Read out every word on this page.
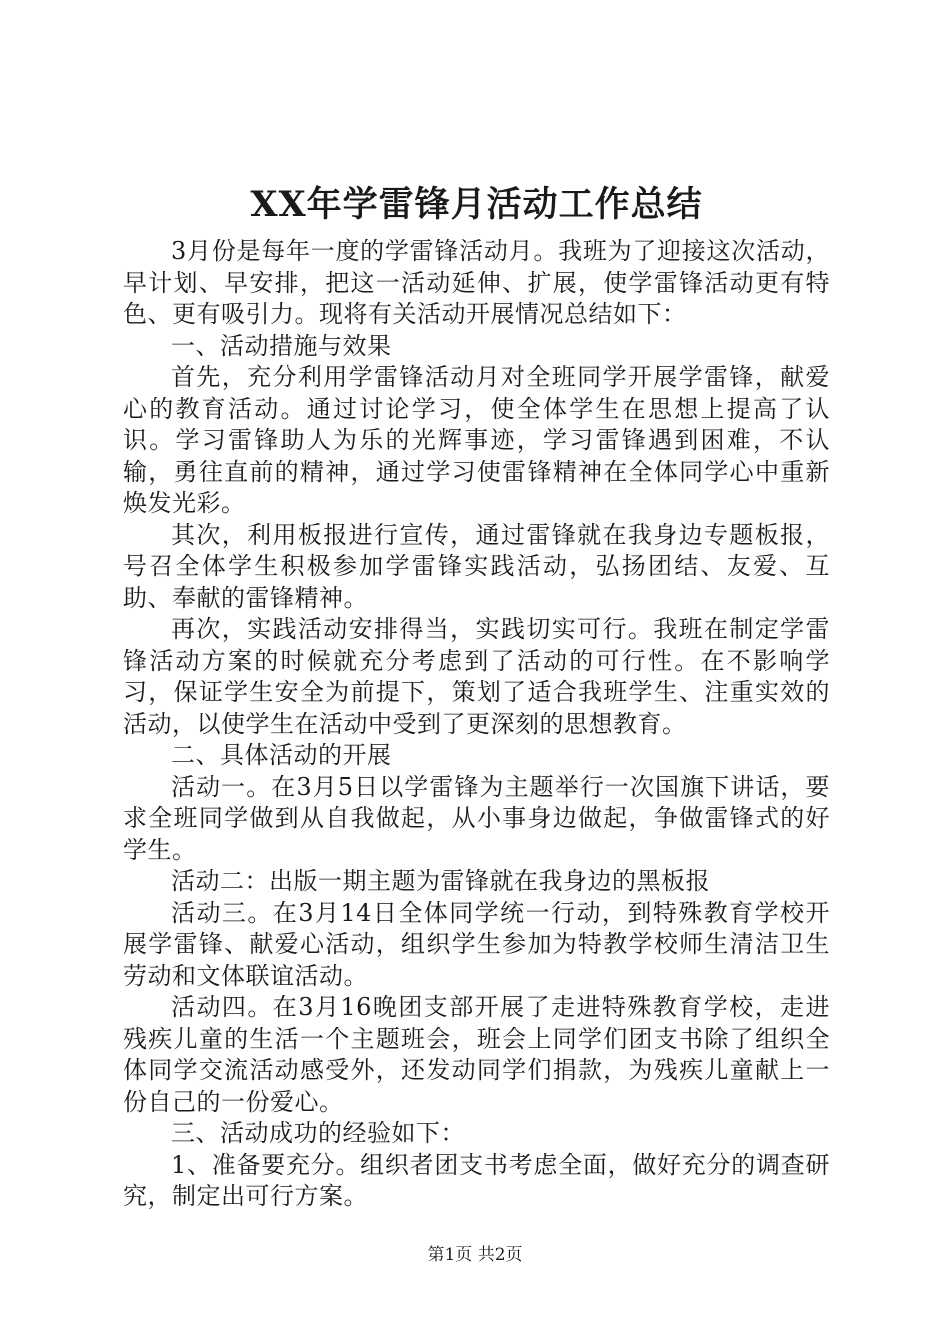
XX年学雷锋月活动工作总结

3月份是每年一度的学雷锋活动月。我班为了迎接这次活动，早计划、早安排，把这一活动延伸、扩展，使学雷锋活动更有特色、更有吸引力。现将有关活动开展情况总结如下：

一、活动措施与效果

首先，充分利用学雷锋活动月对全班同学开展学雷锋，献爱心的教育活动。通过讨论学习，使全体学生在思想上提高了认识。学习雷锋助人为乐的光辉事迹，学习雷锋遇到困难，不认输，勇往直前的精神，通过学习使雷锋精神在全体同学心中重新焕发光彩。

其次，利用板报进行宣传，通过雷锋就在我身边专题板报，号召全体学生积极参加学雷锋实践活动，弘扬团结、友爱、互助、奉献的雷锋精神。

再次，实践活动安排得当，实践切实可行。我班在制定学雷锋活动方案的时候就充分考虑到了活动的可行性。在不影响学习，保证学生安全为前提下，策划了适合我班学生、注重实效的活动，以使学生在活动中受到了更深刻的思想教育。

二、具体活动的开展

活动一。在3月5日以学雷锋为主题举行一次国旗下讲话，要求全班同学做到从自我做起，从小事身边做起，争做雷锋式的好学生。

活动二：出版一期主题为雷锋就在我身边的黑板报

活动三。在3月14日全体同学统一行动，到特殊教育学校开展学雷锋、献爱心活动，组织学生参加为特教学校师生清洁卫生劳动和文体联谊活动。

活动四。在3月16晚团支部开展了走进特殊教育学校，走进残疾儿童的生活一个主题班会，班会上同学们团支书除了组织全体同学交流活动感受外，还发动同学们捐款，为残疾儿童献上一份自己的一份爱心。

三、活动成功的经验如下：

1、准备要充分。组织者团支书考虑全面，做好充分的调查研究，制定出可行方案。

第1页 共2页
